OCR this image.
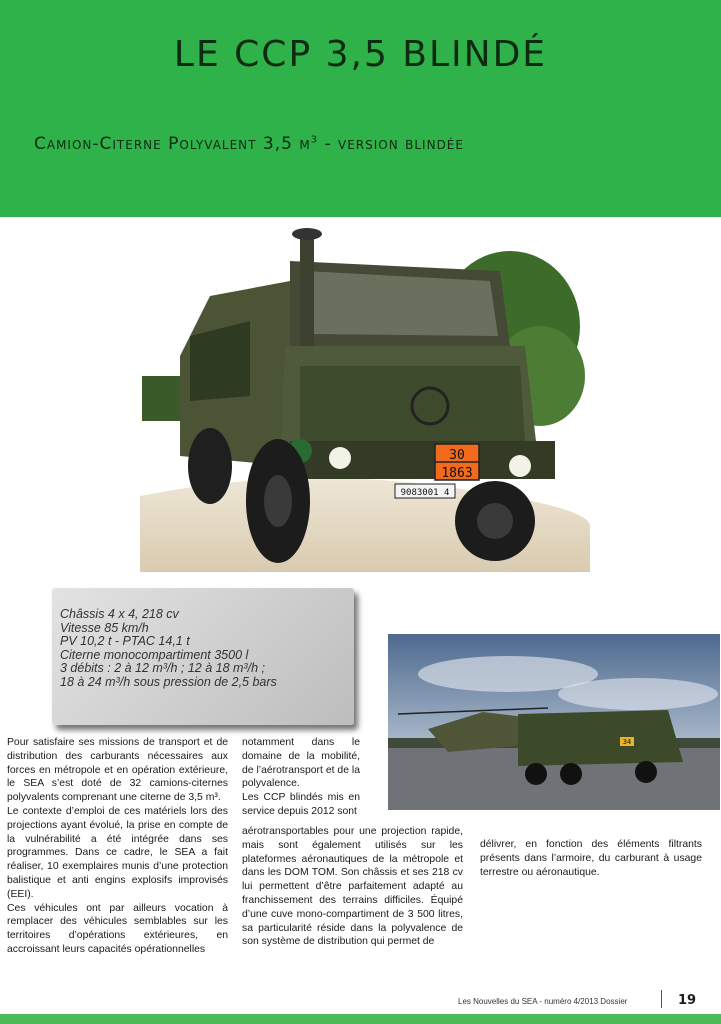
LE CCP 3,5 BLINDÉ
Camion-Citerne Polyvalent 3,5 $m^3$ - version blindée
30
1863
9083001 4
Châssis 4 x 4, 218 cv
Vitesse 85 km/h
PV 10,2 t - PTAC 14,1 t
Citerne monocompartiment 3500 l
3 débits : 2 à 12 m³/h ; 12 à 18 m³/h ;
18 à 24 m³/h sous pression de 2,5 bars
34

Pour satisfaire ses missions de transport et de distribution des carburants nécessaires aux forces en métropole et en opération extérieure, le SEA s’est doté de 32 camions-citernes polyvalents comprenant une citerne de 3,5 m³.

Le contexte d’emploi de ces matériels lors des projections ayant évolué, la prise en compte de la vulnérabilité a été intégrée dans ses programmes. Dans ce cadre, le SEA a fait réaliser, 10 exemplaires munis d’une protection balistique et anti engins explosifs improvisés (EEI).

Ces véhicules ont par ailleurs vocation à remplacer des véhicules semblables sur les territoires d’opérations extérieures, en accroissant leurs capacités opérationnelles

notamment dans le domaine de la mobilité, de l’aérotransport et de la polyvalence.

Les CCP blindés mis en service depuis 2012 sont

aérotransportables pour une projection rapide, mais sont également utilisés sur les plateformes aéronautiques de la métropole et dans les DOM TOM. Son châssis et ses 218 cv lui permettent d’être parfaitement adapté au franchissement des terrains difficiles. Équipé d’une cuve mono-compartiment de 3 500 litres, sa particularité réside dans la polyvalence de son système de distribution qui permet de

délivrer, en fonction des éléments filtrants présents dans l’armoire, du carburant à usage terrestre ou aéronautique.

Les Nouvelles du SEA - numéro 4/2013 Dossier	19
